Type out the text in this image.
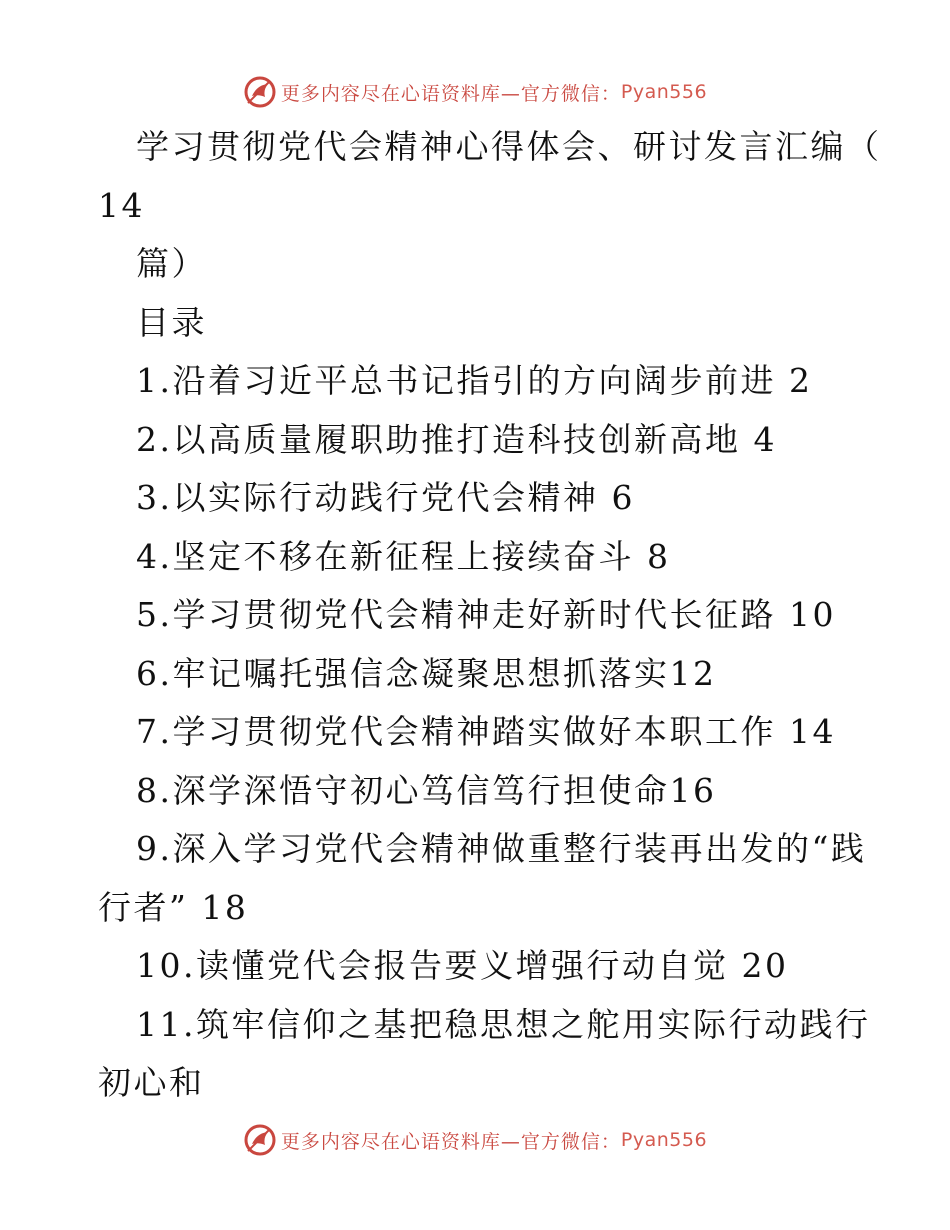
更多内容尽在心语资料库—官方微信： Pyan556
学习贯彻党代会精神心得体会、研讨发言汇编（
14
篇）
目录
1.沿着习近平总书记指引的方向阔步前进 2
2.以高质量履职助推打造科技创新高地 4
3.以实际行动践行党代会精神 6
4.坚定不移在新征程上接续奋斗 8
5.学习贯彻党代会精神走好新时代长征路 10
6.牢记嘱托强信念凝聚思想抓落实12
7.学习贯彻党代会精神踏实做好本职工作 14
8.深学深悟守初心笃信笃行担使命16
9.深入学习党代会精神做重整行装再出发的“践
行者” 18
10.读懂党代会报告要义增强行动自觉 20
11.筑牢信仰之基把稳思想之舵用实际行动践行
初心和
更多内容尽在心语资料库—官方微信： Pyan556
